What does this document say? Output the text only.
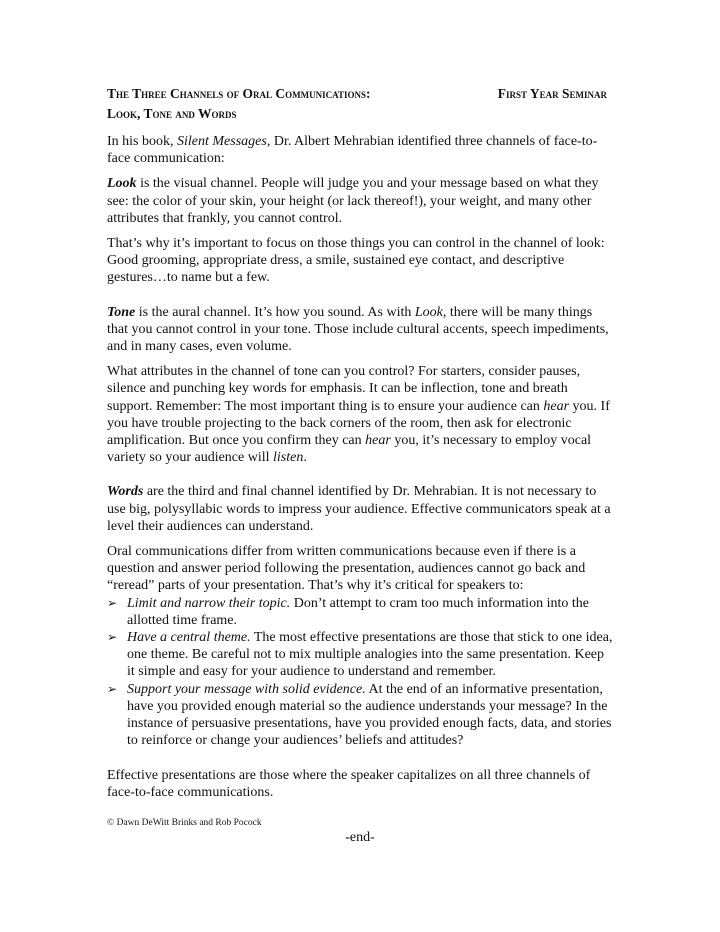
The Three Channels of Oral Communications:	First Year Seminar
Look, Tone and Words

In his book, Silent Messages, Dr. Albert Mehrabian identified three channels of face-to-face communication:

Look is the visual channel. People will judge you and your message based on what they see: the color of your skin, your height (or lack thereof!), your weight, and many other attributes that frankly, you cannot control.

That’s why it’s important to focus on those things you can control in the channel of look: Good grooming, appropriate dress, a smile, sustained eye contact, and descriptive gestures…to name but a few.

Tone is the aural channel. It’s how you sound. As with Look, there will be many things that you cannot control in your tone. Those include cultural accents, speech impediments, and in many cases, even volume.

What attributes in the channel of tone can you control? For starters, consider pauses, silence and punching key words for emphasis. It can be inflection, tone and breath support. Remember: The most important thing is to ensure your audience can hear you. If you have trouble projecting to the back corners of the room, then ask for electronic amplification. But once you confirm they can hear you, it’s necessary to employ vocal variety so your audience will listen.

Words are the third and final channel identified by Dr. Mehrabian. It is not necessary to use big, polysyllabic words to impress your audience. Effective communicators speak at a level their audiences can understand.

Oral communications differ from written communications because even if there is a question and answer period following the presentation, audiences cannot go back and “reread” parts of your presentation. That’s why it’s critical for speakers to:

➢ Limit and narrow their topic. Don’t attempt to cram too much information into the allotted time frame.
➢ Have a central theme. The most effective presentations are those that stick to one idea, one theme. Be careful not to mix multiple analogies into the same presentation. Keep it simple and easy for your audience to understand and remember.
➢ Support your message with solid evidence. At the end of an informative presentation, have you provided enough material so the audience understands your message? In the instance of persuasive presentations, have you provided enough facts, data, and stories to reinforce or change your audiences’ beliefs and attitudes?

Effective presentations are those where the speaker capitalizes on all three channels of face-to-face communications.

© Dawn DeWitt Brinks and Rob Pocock
-end-
